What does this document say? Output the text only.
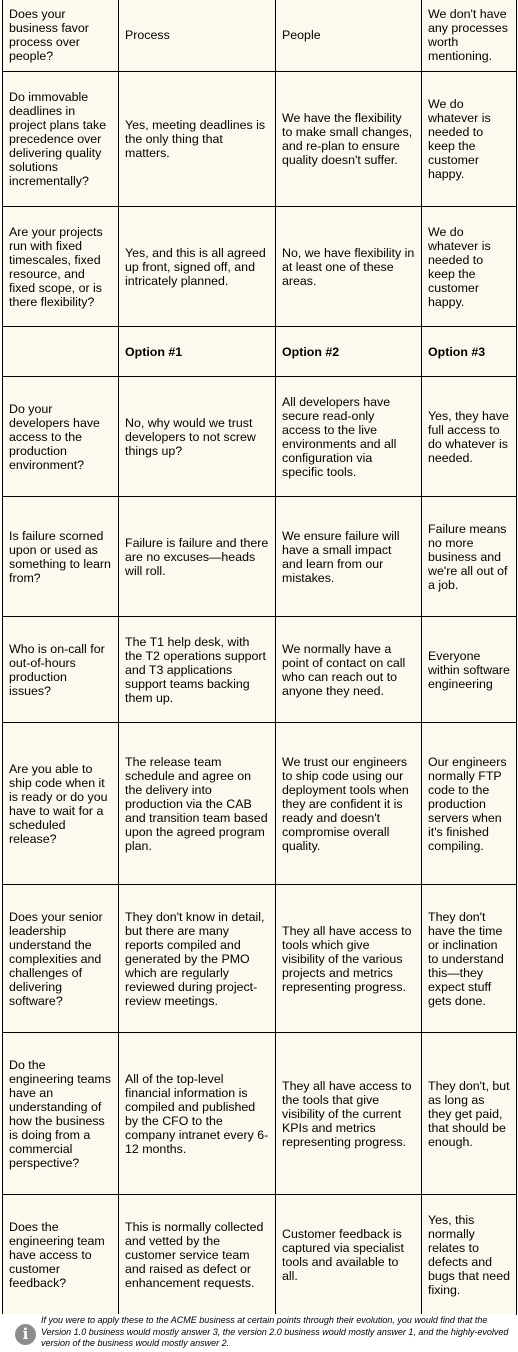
Does your business favor process over people?	Process	People	We don't have any processes worth mentioning.
Do immovable deadlines in project plans take precedence over delivering quality solutions incrementally?	Yes, meeting deadlines is the only thing that matters.	We have the flexibility to make small changes, and re-plan to ensure quality doesn't suffer.	We do whatever is needed to keep the customer happy.
Are your projects run with fixed timescales, fixed resource, and fixed scope, or is there flexibility?	Yes, and this is all agreed up front, signed off, and intricately planned.	No, we have flexibility in at least one of these areas.	We do whatever is needed to keep the customer happy.
	Option #1	Option #2	Option #3
Do your developers have access to the production environment?	No, why would we trust developers to not screw things up?	All developers have secure read-only access to the live environments and all configuration via specific tools.	Yes, they have full access to do whatever is needed.
Is failure scorned upon or used as something to learn from?	Failure is failure and there are no excuses—heads will roll.	We ensure failure will have a small impact and learn from our mistakes.	Failure means no more business and we're all out of a job.
Who is on-call for out-of-hours production issues?	The T1 help desk, with the T2 operations support and T3 applications support teams backing them up.	We normally have a point of contact on call who can reach out to anyone they need.	Everyone within software engineering
Are you able to ship code when it is ready or do you have to wait for a scheduled release?	The release team schedule and agree on the delivery into production via the CAB and transition team based upon the agreed program plan.	We trust our engineers to ship code using our deployment tools when they are confident it is ready and doesn't compromise overall quality.	Our engineers normally FTP code to the production servers when it's finished compiling.
Does your senior leadership understand the complexities and challenges of delivering software?	They don't know in detail, but there are many reports compiled and generated by the PMO which are regularly reviewed during project-review meetings.	They all have access to tools which give visibility of the various projects and metrics representing progress.	They don't have the time or inclination to understand this—they expect stuff gets done.
Do the engineering teams have an understanding of how the business is doing from a commercial perspective?	All of the top-level financial information is compiled and published by the CFO to the company intranet every 6-12 months.	They all have access to the tools that give visibility of the current KPIs and metrics representing progress.	They don't, but as long as they get paid, that should be enough.
Does the engineering team have access to customer feedback?	This is normally collected and vetted by the customer service team and raised as defect or enhancement requests.	Customer feedback is captured via specialist tools and available to all.	Yes, this normally relates to defects and bugs that need fixing.
i
If you were to apply these to the ACME business at certain points through their evolution, you would find that the Version 1.0 business would mostly answer 3, the version 2.0 business would mostly answer 1, and the highly-evolved version of the business would mostly answer 2.
